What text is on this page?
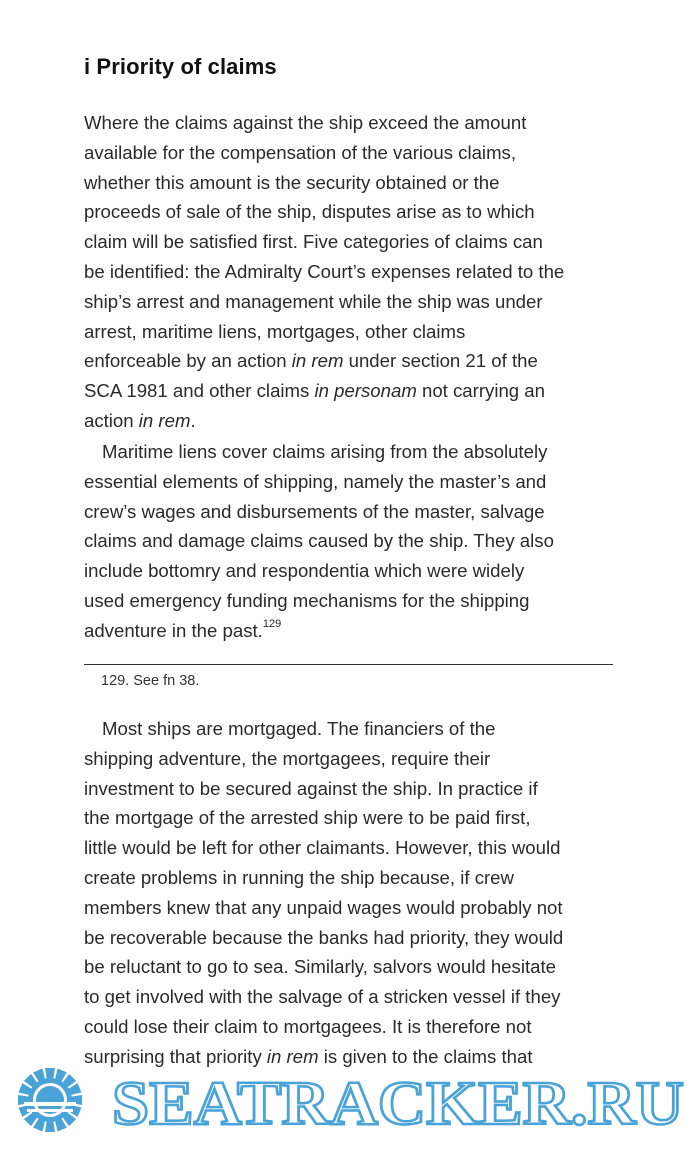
i Priority of claims
Where the claims against the ship exceed the amount
available for the compensation of the various claims,
whether this amount is the security obtained or the
proceeds of sale of the ship, disputes arise as to which
claim will be satisfied first. Five categories of claims can
be identified: the Admiralty Court’s expenses related to the
ship’s arrest and management while the ship was under
arrest, maritime liens, mortgages, other claims
enforceable by an action in rem under section 21 of the
SCA 1981 and other claims in personam not carrying an
action in rem.
Maritime liens cover claims arising from the absolutely
essential elements of shipping, namely the master’s and
crew’s wages and disbursements of the master, salvage
claims and damage claims caused by the ship. They also
include bottomry and respondentia which were widely
used emergency funding mechanisms for the shipping
adventure in the past.$^{129}$
129. See fn 38.
Most ships are mortgaged. The financiers of the
shipping adventure, the mortgagees, require their
investment to be secured against the ship. In practice if
the mortgage of the arrested ship were to be paid first,
little would be left for other claimants. However, this would
create problems in running the ship because, if crew
members knew that any unpaid wages would probably not
be recoverable because the banks had priority, they would
be reluctant to go to sea. Similarly, salvors would hesitate
to get involved with the salvage of a stricken vessel if they
could lose their claim to mortgagees. It is therefore not
surprising that priority in rem is given to the claims that
SEATRACKER.RU
